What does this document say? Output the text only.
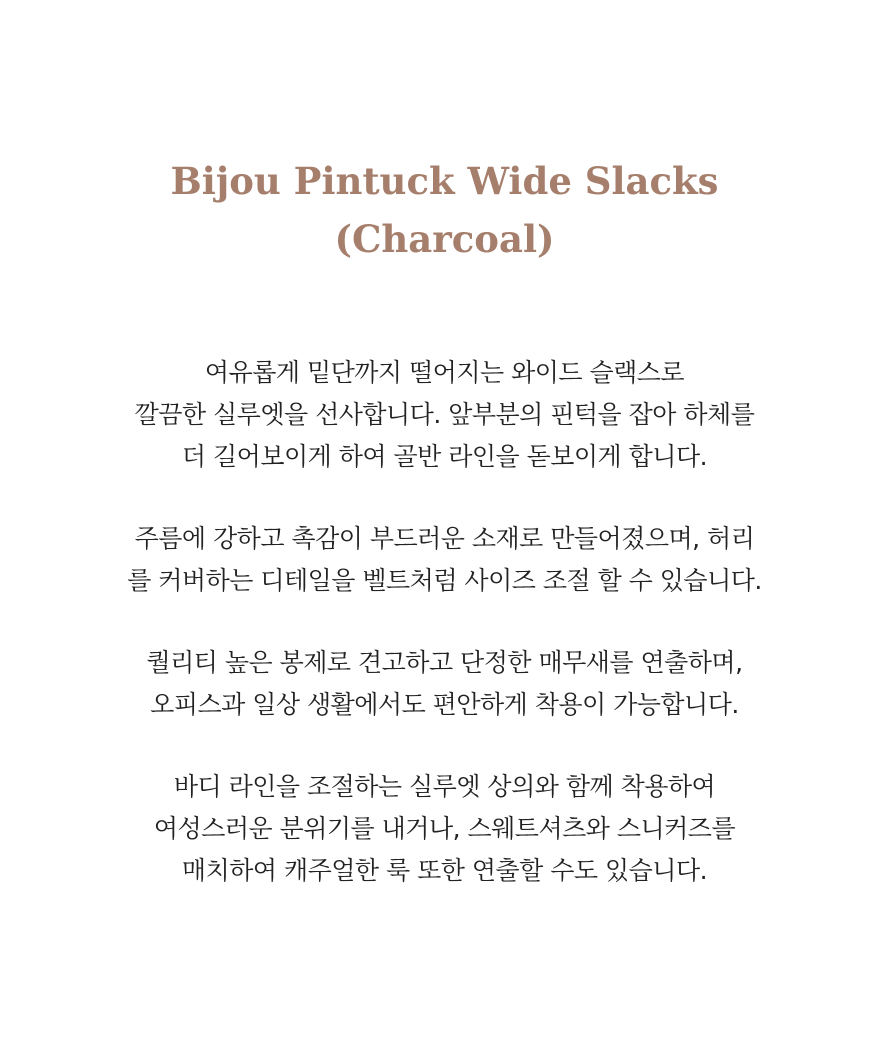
Bijou Pintuck Wide Slacks
(Charcoal)

여유롭게 밑단까지 떨어지는 와이드 슬랙스로
깔끔한 실루엣을 선사합니다. 앞부분의 핀턱을 잡아 하체를
더 길어보이게 하여 골반 라인을 돋보이게 합니다.

주름에 강하고 촉감이 부드러운 소재로 만들어졌으며, 허리
를 커버하는 디테일을 벨트처럼 사이즈 조절 할 수 있습니다.

퀄리티 높은 봉제로 견고하고 단정한 매무새를 연출하며,
오피스과 일상 생활에서도 편안하게 착용이 가능합니다.

바디 라인을 조절하는 실루엣 상의와 함께 착용하여
여성스러운 분위기를 내거나, 스웨트셔츠와 스니커즈를
매치하여 캐주얼한 룩 또한 연출할 수도 있습니다.
